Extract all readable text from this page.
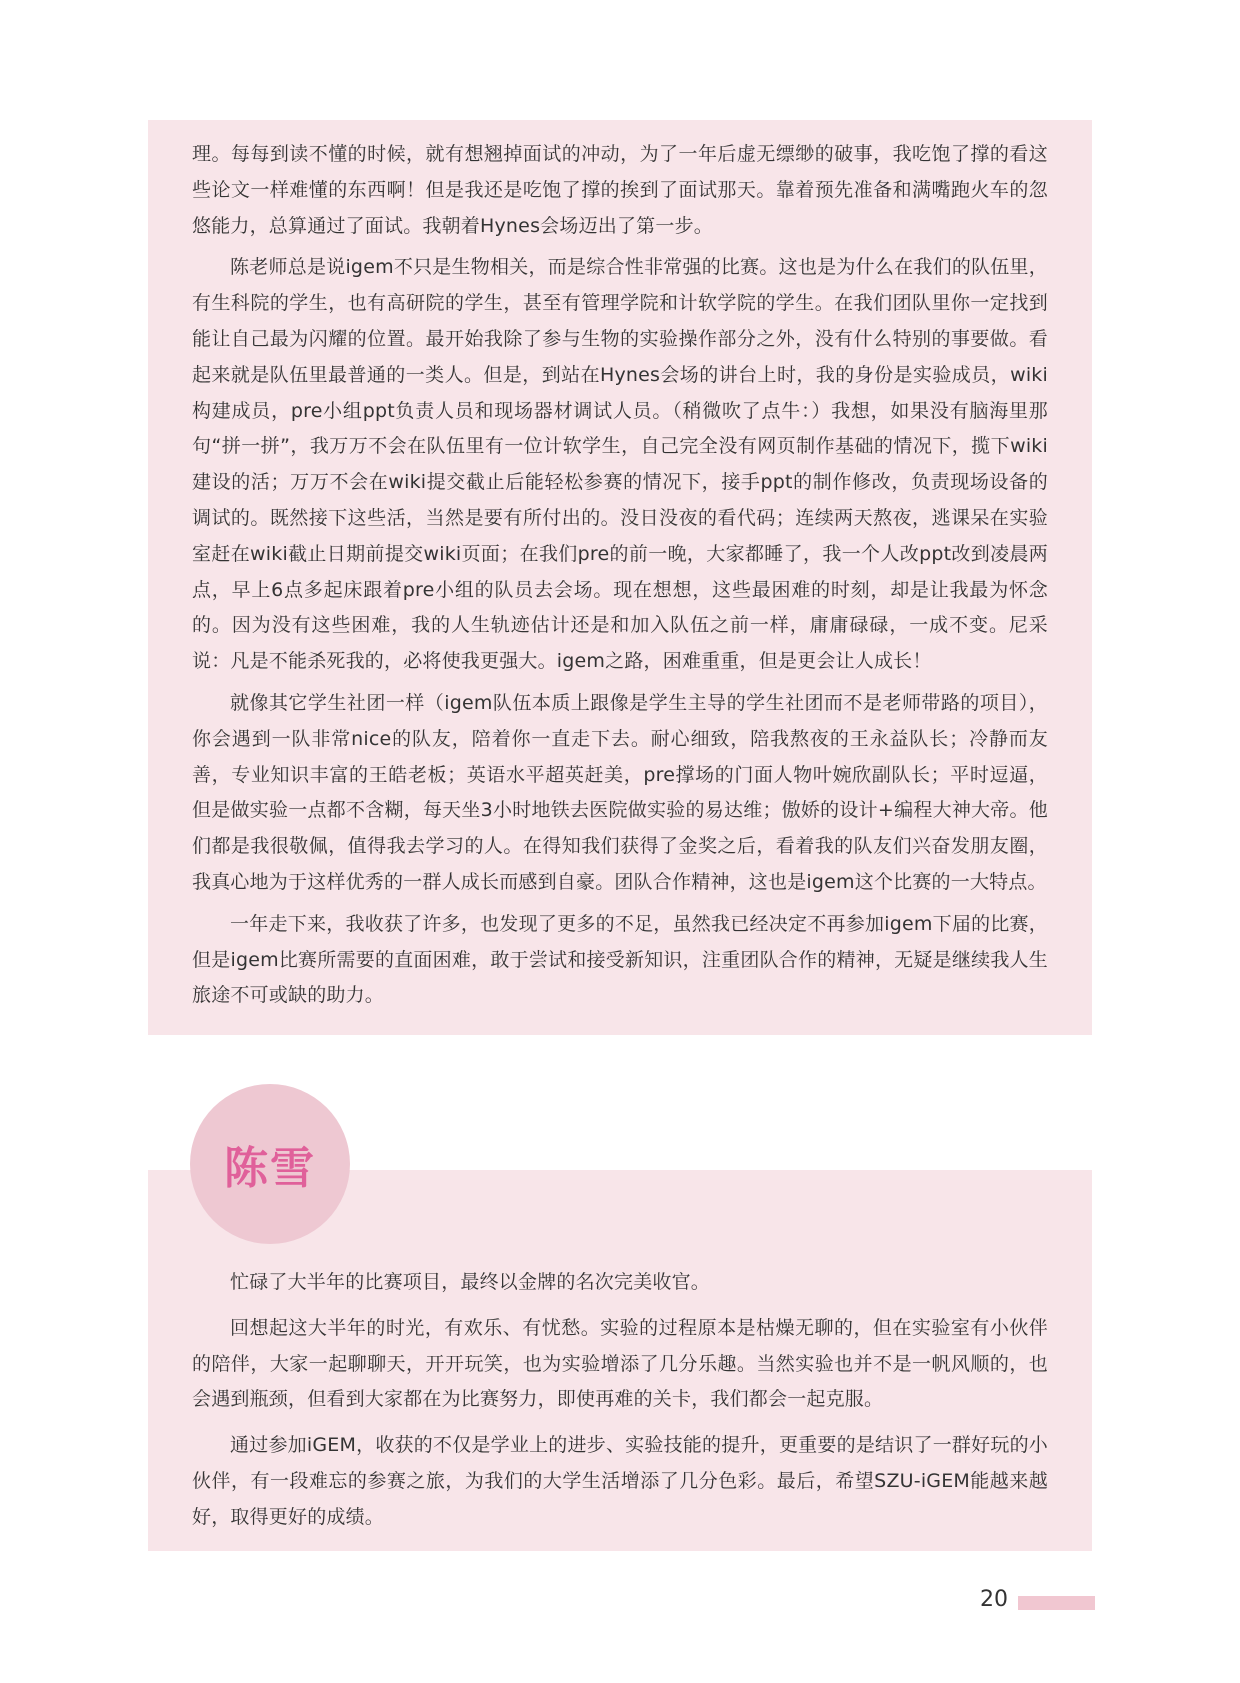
理。每每到读不懂的时候，就有想翘掉面试的冲动，为了一年后虚无缥缈的破事，我吃饱了撑的看这些论文一样难懂的东西啊！但是我还是吃饱了撑的挨到了面试那天。靠着预先准备和满嘴跑火车的忽悠能力，总算通过了面试。我朝着Hynes会场迈出了第一步。

陈老师总是说igem不只是生物相关，而是综合性非常强的比赛。这也是为什么在我们的队伍里，有生科院的学生，也有高研院的学生，甚至有管理学院和计软学院的学生。在我们团队里你一定找到能让自己最为闪耀的位置。最开始我除了参与生物的实验操作部分之外，没有什么特别的事要做。看起来就是队伍里最普通的一类人。但是，到站在Hynes会场的讲台上时，我的身份是实验成员，wiki构建成员，pre小组ppt负责人员和现场器材调试人员。（稍微吹了点牛：）我想，如果没有脑海里那句“拼一拼”，我万万不会在队伍里有一位计软学生，自己完全没有网页制作基础的情况下，揽下wiki建设的活；万万不会在wiki提交截止后能轻松参赛的情况下，接手ppt的制作修改，负责现场设备的调试的。既然接下这些活，当然是要有所付出的。没日没夜的看代码；连续两天熬夜，逃课呆在实验室赶在wiki截止日期前提交wiki页面；在我们pre的前一晚，大家都睡了，我一个人改ppt改到凌晨两点，早上6点多起床跟着pre小组的队员去会场。现在想想，这些最困难的时刻，却是让我最为怀念的。因为没有这些困难，我的人生轨迹估计还是和加入队伍之前一样，庸庸碌碌，一成不变。尼采说：凡是不能杀死我的，必将使我更强大。igem之路，困难重重，但是更会让人成长！

就像其它学生社团一样（igem队伍本质上跟像是学生主导的学生社团而不是老师带路的项目），你会遇到一队非常nice的队友，陪着你一直走下去。耐心细致，陪我熬夜的王永益队长；冷静而友善，专业知识丰富的王皓老板；英语水平超英赶美，pre撑场的门面人物叶婉欣副队长；平时逗逼，但是做实验一点都不含糊，每天坐3小时地铁去医院做实验的易达维；傲娇的设计+编程大神大帝。他们都是我很敬佩，值得我去学习的人。在得知我们获得了金奖之后，看着我的队友们兴奋发朋友圈，我真心地为于这样优秀的一群人成长而感到自豪。团队合作精神，这也是igem这个比赛的一大特点。

一年走下来，我收获了许多，也发现了更多的不足，虽然我已经决定不再参加igem下届的比赛，但是igem比赛所需要的直面困难，敢于尝试和接受新知识，注重团队合作的精神，无疑是继续我人生旅途不可或缺的助力。

忙碌了大半年的比赛项目，最终以金牌的名次完美收官。

回想起这大半年的时光，有欢乐、有忧愁。实验的过程原本是枯燥无聊的，但在实验室有小伙伴的陪伴，大家一起聊聊天，开开玩笑，也为实验增添了几分乐趣。当然实验也并不是一帆风顺的，也会遇到瓶颈，但看到大家都在为比赛努力，即使再难的关卡，我们都会一起克服。

通过参加iGEM，收获的不仅是学业上的进步、实验技能的提升，更重要的是结识了一群好玩的小伙伴，有一段难忘的参赛之旅，为我们的大学生活增添了几分色彩。最后，希望SZU-iGEM能越来越好，取得更好的成绩。

陈雪
20
